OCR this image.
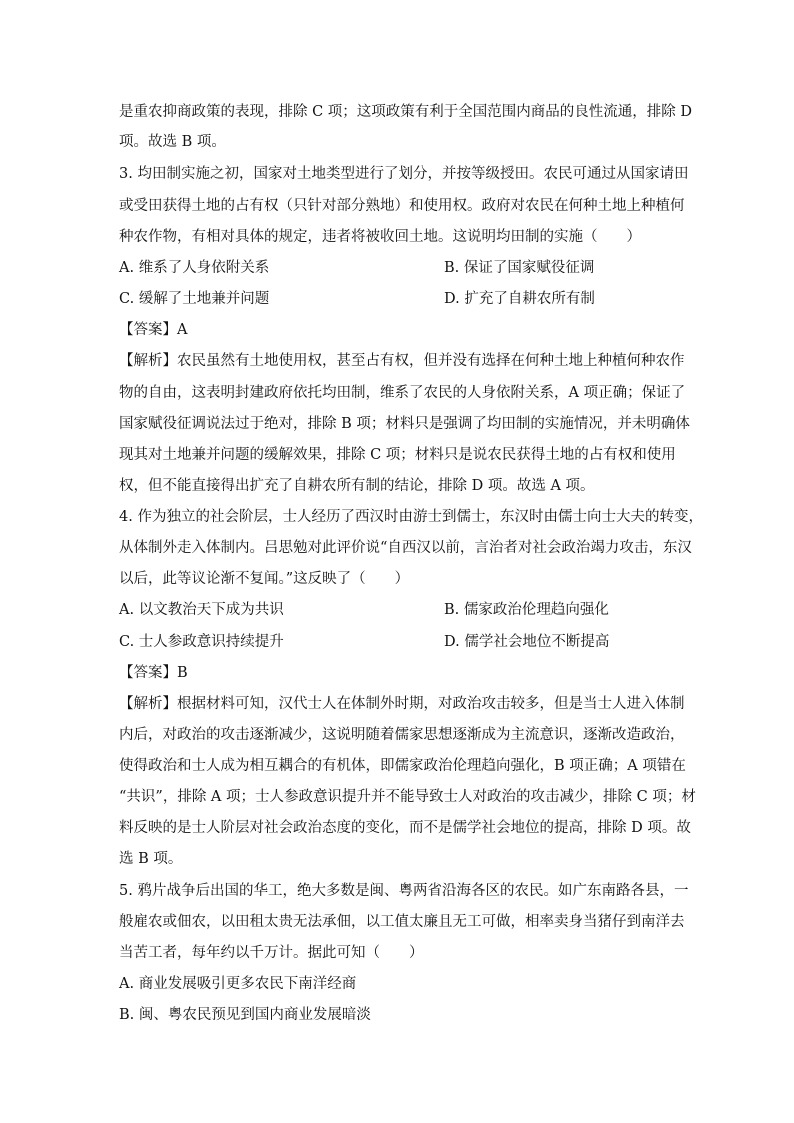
是重农抑商政策的表现，排除 C 项；这项政策有利于全国范围内商品的良性流通，排除 D
项。故选 B 项。
3. 均田制实施之初，国家对土地类型进行了划分，并按等级授田。农民可通过从国家请田
或受田获得土地的占有权（只针对部分熟地）和使用权。政府对农民在何种土地上种植何
种农作物，有相对具体的规定，违者将被收回土地。这说明均田制的实施（　　）
A. 维系了人身依附关系	B. 保证了国家赋役征调
C. 缓解了土地兼并问题	D. 扩充了自耕农所有制
【答案】A
【解析】农民虽然有土地使用权，甚至占有权，但并没有选择在何种土地上种植何种农作
物的自由，这表明封建政府依托均田制，维系了农民的人身依附关系，A 项正确；保证了
国家赋役征调说法过于绝对，排除 B 项；材料只是强调了均田制的实施情况，并未明确体
现其对土地兼并问题的缓解效果，排除 C 项；材料只是说农民获得土地的占有权和使用
权，但不能直接得出扩充了自耕农所有制的结论，排除 D 项。故选 A 项。
4. 作为独立的社会阶层，士人经历了西汉时由游士到儒士，东汉时由儒士向士大夫的转变，
从体制外走入体制内。吕思勉对此评价说“自西汉以前，言治者对社会政治竭力攻击，东汉
以后，此等议论渐不复闻。”这反映了（　　）
A. 以文教治天下成为共识	B. 儒家政治伦理趋向强化
C. 士人参政意识持续提升	D. 儒学社会地位不断提高
【答案】B
【解析】根据材料可知，汉代士人在体制外时期，对政治攻击较多，但是当士人进入体制
内后，对政治的攻击逐渐减少，这说明随着儒家思想逐渐成为主流意识，逐渐改造政治，
使得政治和士人成为相互耦合的有机体，即儒家政治伦理趋向强化，B 项正确；A 项错在
“共识”，排除 A 项；士人参政意识提升并不能导致士人对政治的攻击减少，排除 C 项；材
料反映的是士人阶层对社会政治态度的变化，而不是儒学社会地位的提高，排除 D 项。故
选 B 项。
5. 鸦片战争后出国的华工，绝大多数是闽、粤两省沿海各区的农民。如广东南路各县，一
般雇农或佃农，以田租太贵无法承佃，以工值太廉且无工可做，相率卖身当猪仔到南洋去
当苦工者，每年约以千万计。据此可知（　　）
A. 商业发展吸引更多农民下南洋经商
B. 闽、粤农民预见到国内商业发展暗淡
